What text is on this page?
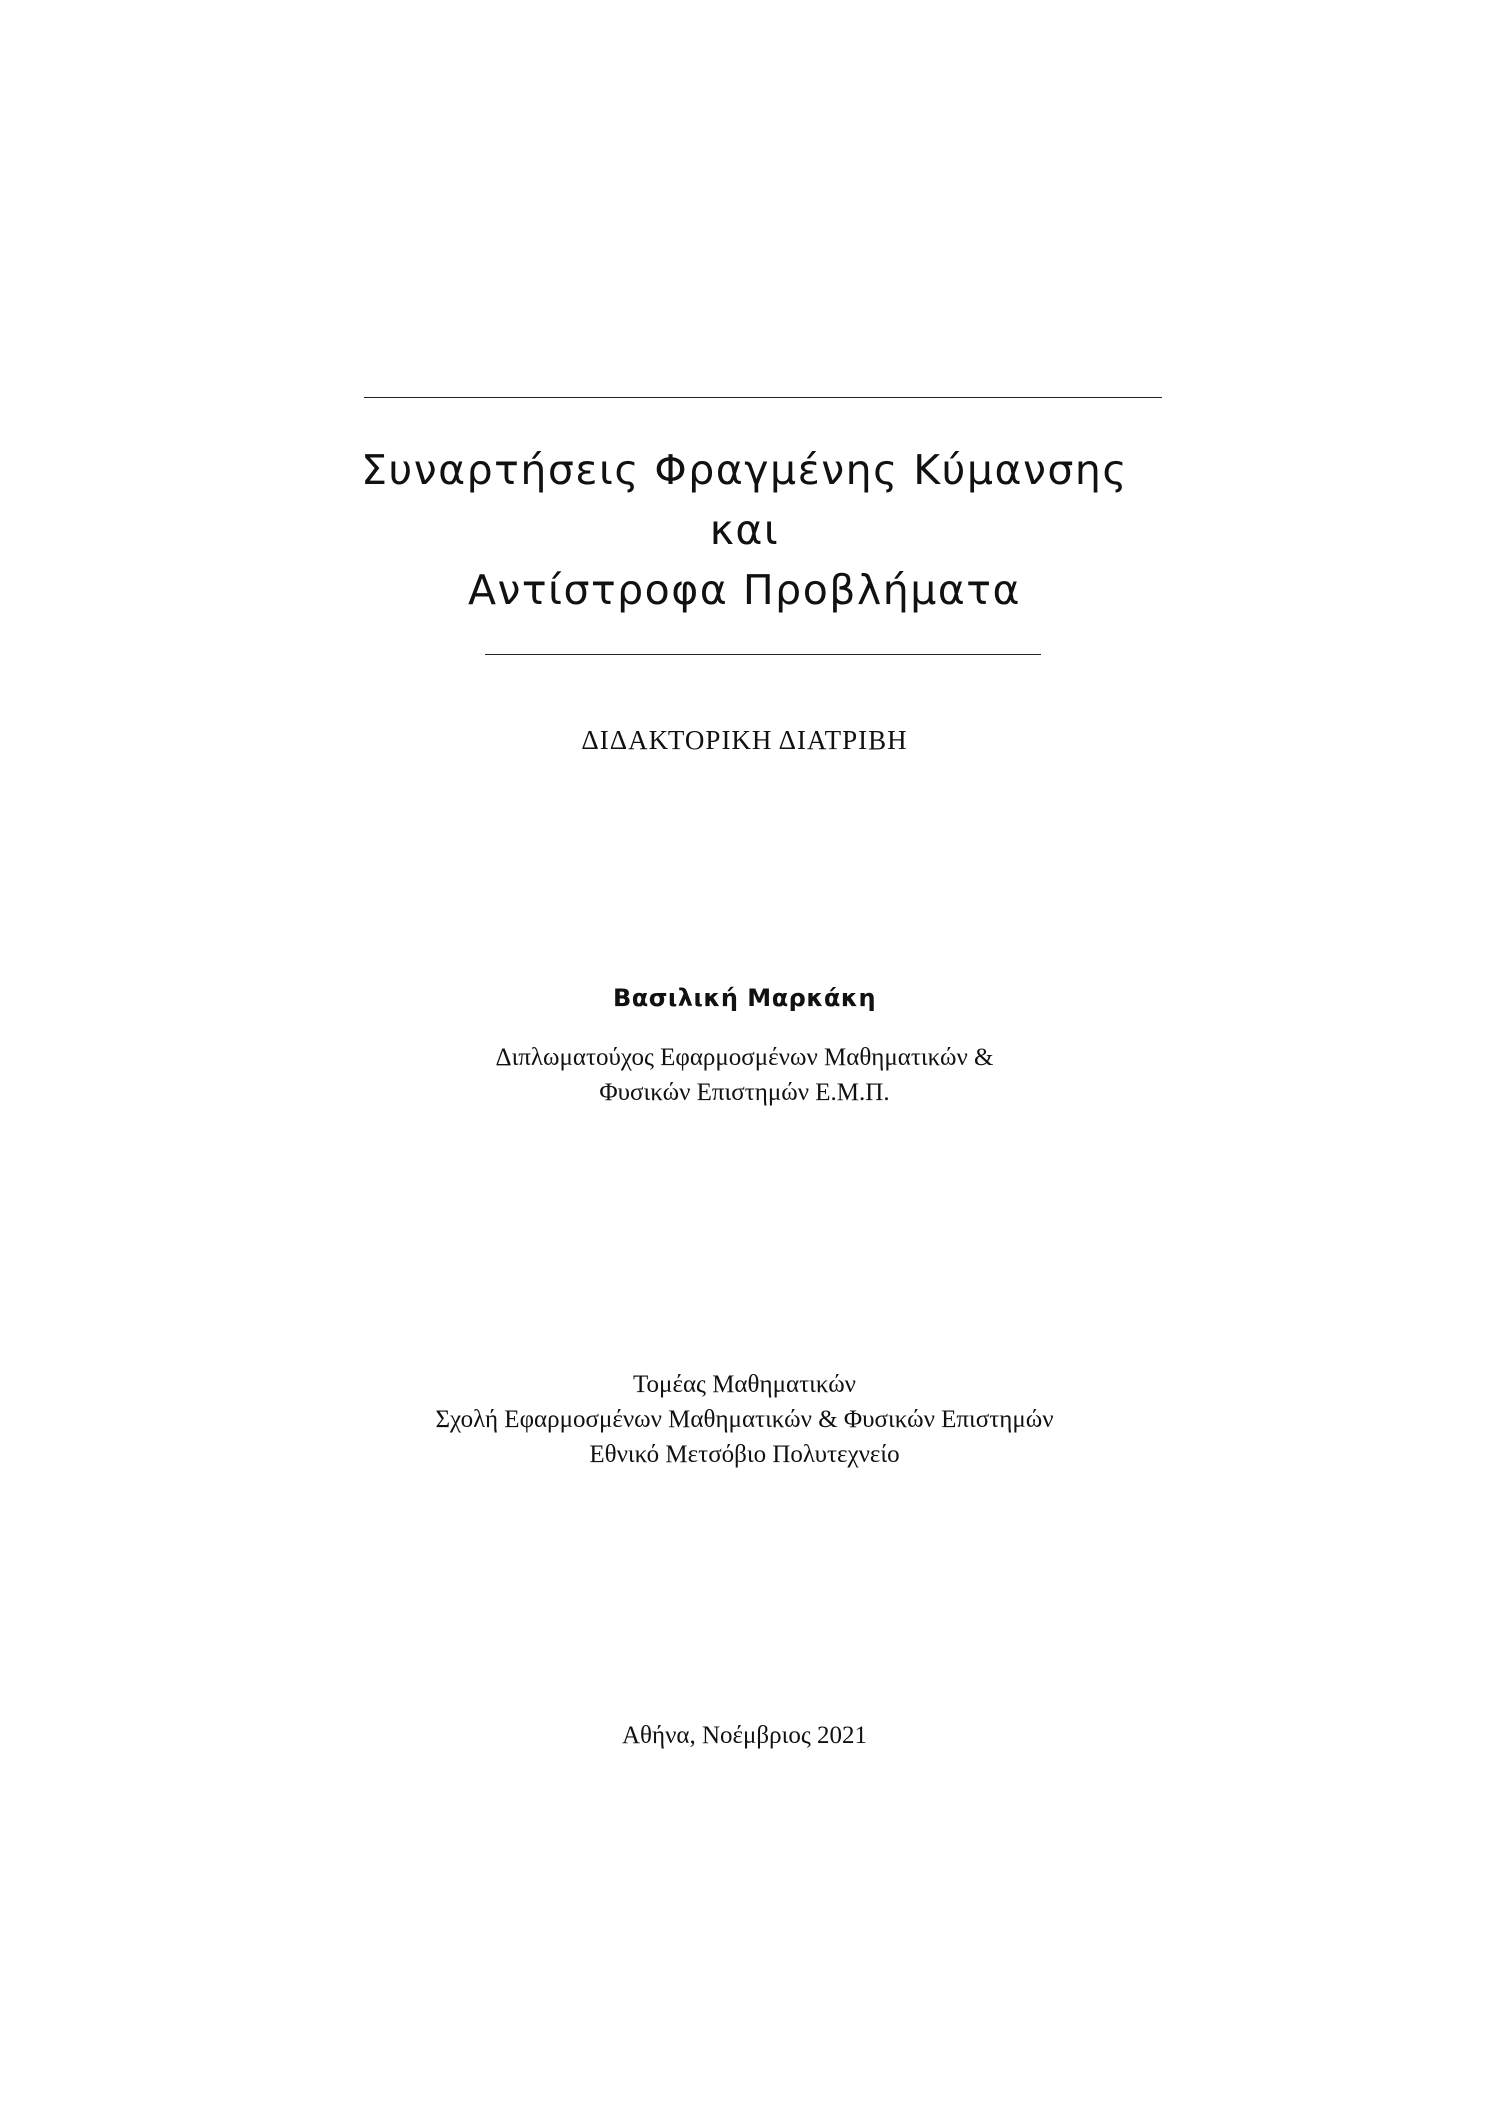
Συναρτήσεις Φραγμένης Κύμανσης
και
Αντίστροφα Προβλήματα
ΔΙΔΑΚΤΟΡΙΚΗ ΔΙΑΤΡΙΒΗ
Βασιλική Μαρκάκη
Διπλωματούχος Εφαρμοσμένων Μαθηματικών &
Φυσικών Επιστημών Ε.Μ.Π.
Τομέας Μαθηματικών
Σχολή Εφαρμοσμένων Μαθηματικών & Φυσικών Επιστημών
Εθνικό Μετσόβιο Πολυτεχνείο
Αθήνα, Νοέμβριος 2021
